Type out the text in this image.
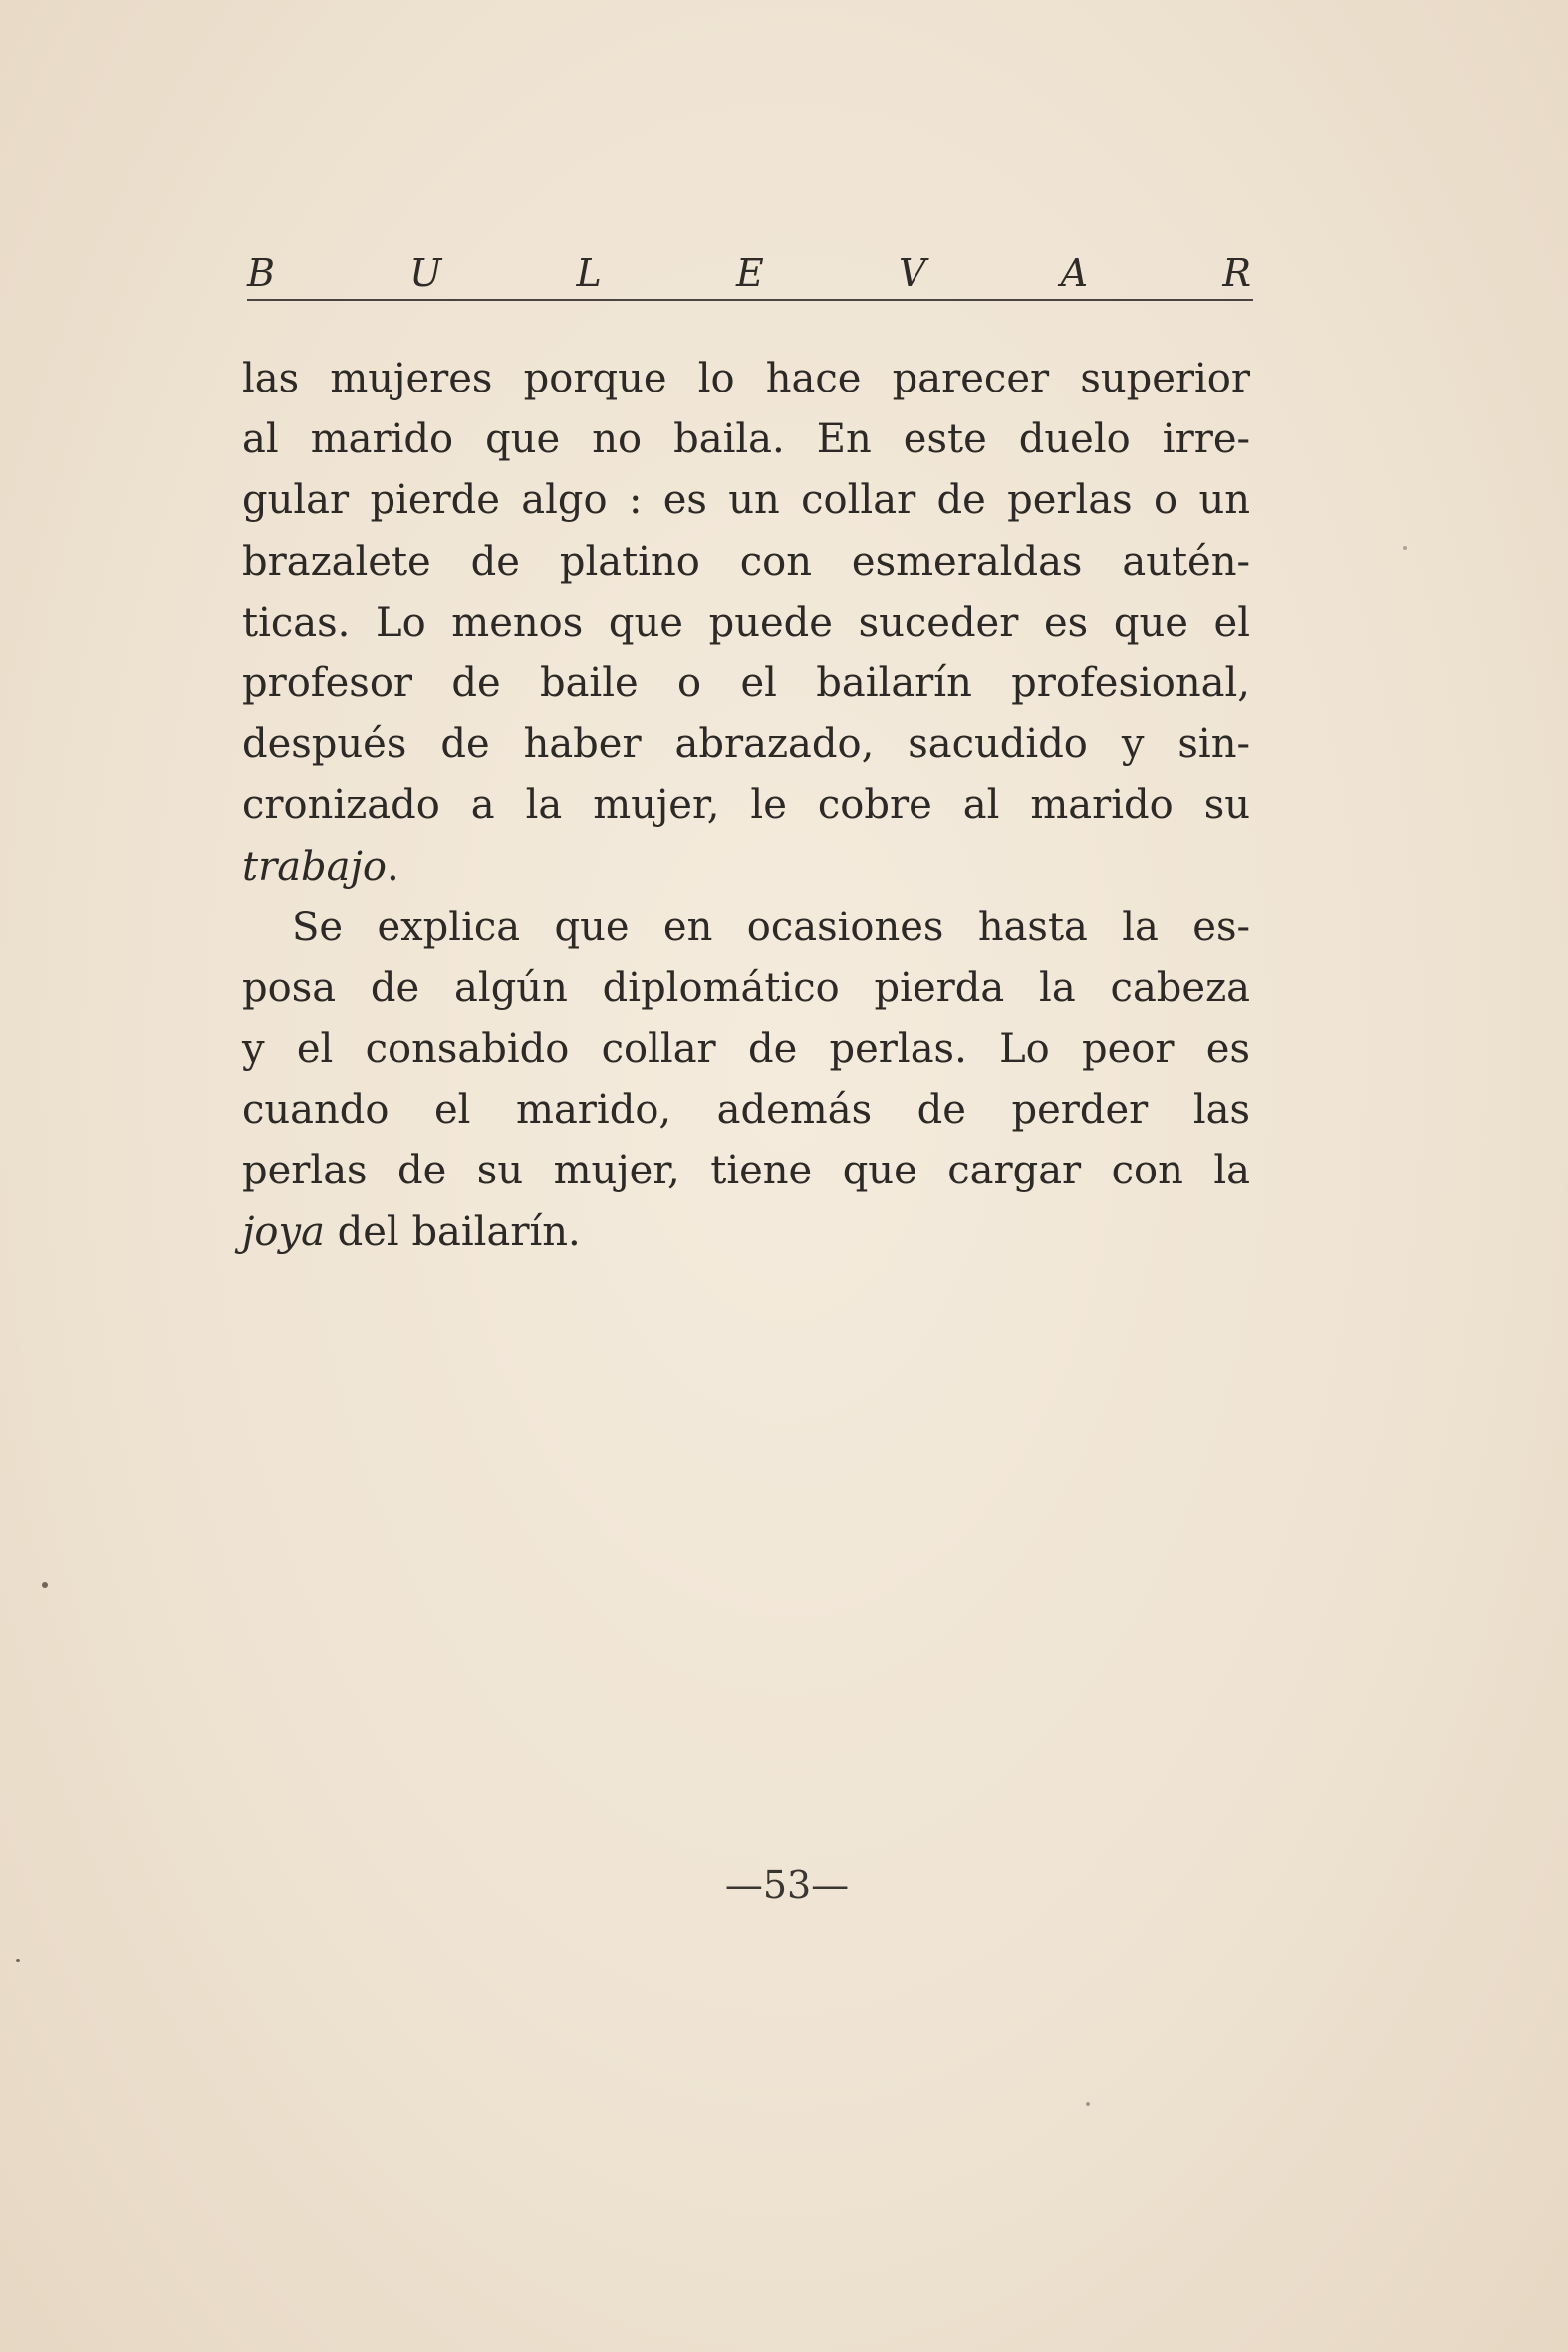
B	U	L	E	V	A	R
las mujeres porque lo hace parecer superior
al marido que no baila. En este duelo irre-
gular pierde algo : es un collar de perlas o un
brazalete de platino con esmeraldas autén-
ticas. Lo menos que puede suceder es que el
profesor de baile o el bailarín profesional,
después de haber abrazado, sacudido y sin-
cronizado a la mujer, le cobre al marido su
trabajo.
Se explica que en ocasiones hasta la es-
posa de algún diplomático pierda la cabeza
y el consabido collar de perlas. Lo peor es
cuando el marido, además de perder las
perlas de su mujer, tiene que cargar con la
joya del bailarín.
—53—
